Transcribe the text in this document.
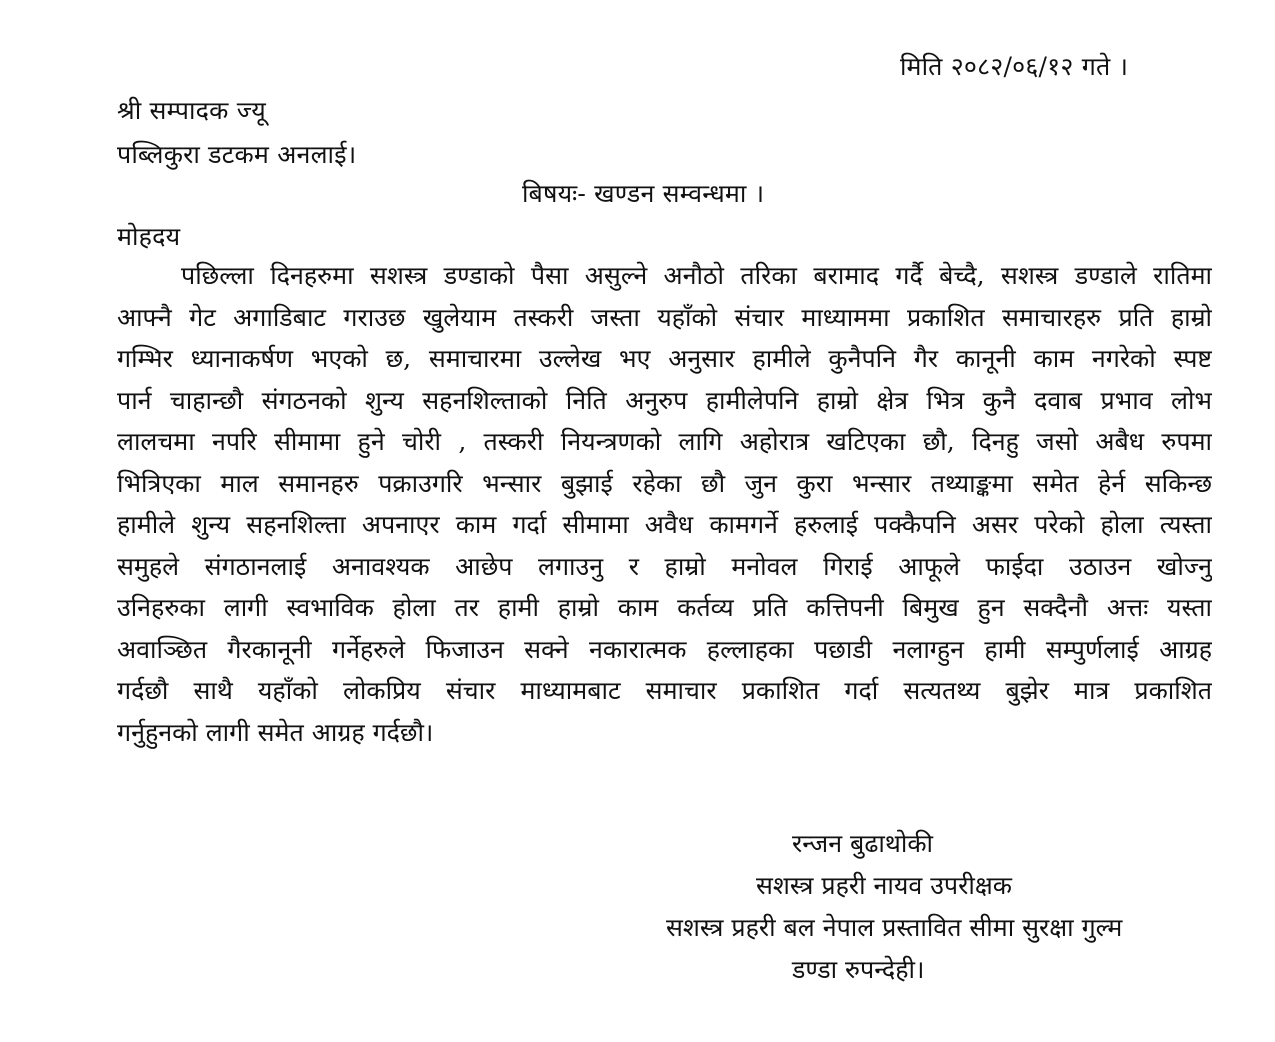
मिति २०८२/०६/१२ गते ।
श्री सम्पादक ज्यू
पब्लिकुरा डटकम अनलाई।
बिषयः- खण्डन सम्वन्धमा ।
मोहदय
पछिल्ला दिनहरुमा सशस्त्र डण्डाको पैसा असुल्ने अनौठो तरिका बरामाद गर्दै बेच्दै, सशस्त्र डण्डाले रातिमा
आफ्नै गेट अगाडिबाट गराउछ खुलेयाम तस्करी जस्ता यहाँको संचार माध्याममा प्रकाशित समाचारहरु प्रति हाम्रो
गम्भिर ध्यानाकर्षण भएको छ, समाचारमा उल्लेख भए अनुसार हामीले कुनैपनि गैर कानूनी काम नगरेको स्पष्ट
पार्न चाहान्छौ संगठनको शुन्य सहनशिल्ताको निति अनुरुप हामीलेपनि हाम्रो क्षेत्र भित्र कुनै दवाब प्रभाव लोभ
लालचमा नपरि सीमामा हुने चोरी , तस्करी नियन्त्रणको लागि अहोरात्र खटिएका छौ, दिनहु जसो अबैध रुपमा
भित्रिएका माल समानहरु पक्राउगरि भन्सार बुझाई रहेका छौ जुन कुरा भन्सार तथ्याङ्कमा समेत हेर्न सकिन्छ
हामीले शुन्य सहनशिल्ता अपनाएर काम गर्दा सीमामा अवैध कामगर्ने हरुलाई पक्कैपनि असर परेको होला त्यस्ता
समुहले संगठानलाई अनावश्यक आछेप लगाउनु र हाम्रो मनोवल गिराई आफूले फाईदा उठाउन खोज्नु
उनिहरुका लागी स्वभाविक होला तर हामी हाम्रो काम कर्तव्य प्रति कत्तिपनी बिमुख हुन सक्दैनौ अत्तः यस्ता
अवाञ्छित गैरकानूनी गर्नेहरुले फिजाउन सक्ने नकारात्मक हल्लाहका पछाडी नलाग्हुन हामी सम्पुर्णलाई आग्रह
गर्दछौ साथै यहाँको लोकप्रिय संचार माध्यामबाट समाचार प्रकाशित गर्दा सत्यतथ्य बुझेर मात्र प्रकाशित
गर्नुहुनको लागी समेत आग्रह गर्दछौ।
रन्जन बुढाथोकी
सशस्त्र प्रहरी नायव उपरीक्षक
सशस्त्र प्रहरी बल नेपाल प्रस्तावित सीमा सुरक्षा गुल्म
डण्डा रुपन्देही।
